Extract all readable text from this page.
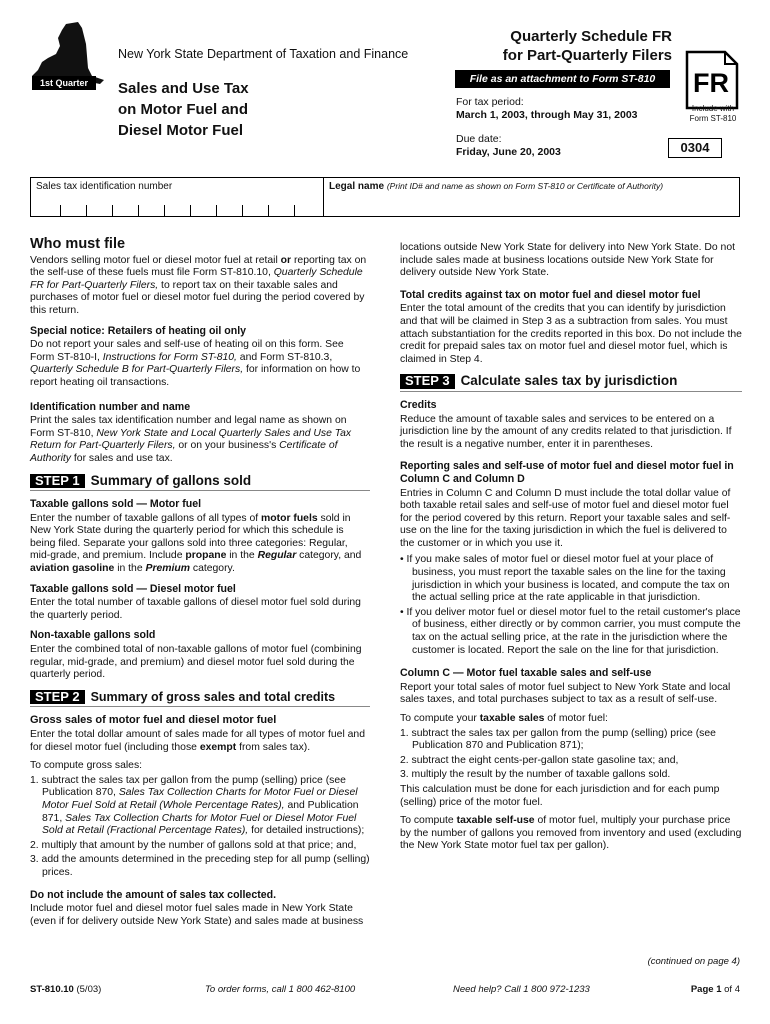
1st Quarter
New York State Department of Taxation and Finance
Sales and Use Tax
on Motor Fuel and
Diesel Motor Fuel
Quarterly Schedule FR
for Part-Quarterly Filers
File as an attachment to Form ST-810
For tax period:
March 1, 2003, through May 31, 2003
Due date:
Friday, June 20, 2003
FR
Include with
Form ST-810
0304
Sales tax identification number	Legal name (Print ID# and name as shown on Form ST-810 or Certificate of Authority)
Who must file

Vendors selling motor fuel or diesel motor fuel at retail or reporting tax on the self-use of these fuels must file Form ST-810.10, Quarterly Schedule FR for Part-Quarterly Filers, to report tax on their taxable sales and purchases of motor fuel or diesel motor fuel during the period covered by this return.

Special notice: Retailers of heating oil only

Do not report your sales and self-use of heating oil on this form. See Form ST-810-I, Instructions for Form ST-810, and Form ST-810.3, Quarterly Schedule B for Part-Quarterly Filers, for information on how to report heating oil transactions.

Identification number and name

Print the sales tax identification number and legal name as shown on Form ST-810, New York State and Local Quarterly Sales and Use Tax Return for Part-Quarterly Filers, or on your business's Certificate of Authority for sales and use tax.

STEP 1 Summary of gallons sold
Taxable gallons sold — Motor fuel

Enter the number of taxable gallons of all types of motor fuels sold in New York State during the quarterly period for which this schedule is being filed. Separate your gallons sold into three categories: Regular, mid-grade, and premium. Include propane in the Regular category, and aviation gasoline in the Premium category.

Taxable gallons sold — Diesel motor fuel

Enter the total number of taxable gallons of diesel motor fuel sold during the quarterly period.

Non-taxable gallons sold

Enter the combined total of non-taxable gallons of motor fuel (combining regular, mid-grade, and premium) and diesel motor fuel sold during the quarterly period.

STEP 2 Summary of gross sales and total credits
Gross sales of motor fuel and diesel motor fuel

Enter the total dollar amount of sales made for all types of motor fuel and for diesel motor fuel (including those exempt from sales tax).

To compute gross sales:

1. subtract the sales tax per gallon from the pump (selling) price (see Publication 870, Sales Tax Collection Charts for Motor Fuel or Diesel Motor Fuel Sold at Retail (Whole Percentage Rates), and Publication 871, Sales Tax Collection Charts for Motor Fuel or Diesel Motor Fuel Sold at Retail (Fractional Percentage Rates), for detailed instructions);
2. multiply that amount by the number of gallons sold at that price; and,
3. add the amounts determined in the preceding step for all pump (selling) prices.
Do not include the amount of sales tax collected.

Include motor fuel and diesel motor fuel sales made in New York State (even if for delivery outside New York State) and sales made at business

locations outside New York State for delivery into New York State. Do not include sales made at business locations outside New York State for delivery outside New York State.

Total credits against tax on motor fuel and diesel motor fuel

Enter the total amount of the credits that you can identify by jurisdiction and that will be claimed in Step 3 as a subtraction from sales. You must attach substantiation for the credits reported in this box. Do not include the credit for prepaid sales tax on motor fuel and diesel motor fuel, which is claimed in Step 4.

STEP 3 Calculate sales tax by jurisdiction
Credits

Reduce the amount of taxable sales and services to be entered on a jurisdiction line by the amount of any credits related to that jurisdiction. If the result is a negative number, enter it in parentheses.

Reporting sales and self-use of motor fuel and diesel motor fuel in Column C and Column D

Entries in Column C and Column D must include the total dollar value of both taxable retail sales and self-use of motor fuel and diesel motor fuel for the period covered by this return. Report your taxable sales and self-use on the line for the taxing jurisdiction in which the fuel is delivered to the customer or in which you use it.

• If you make sales of motor fuel or diesel motor fuel at your place of business, you must report the taxable sales on the line for the taxing jurisdiction in which your business is located, and compute the tax on the actual selling price at the rate applicable in that jurisdiction.
• If you deliver motor fuel or diesel motor fuel to the retail customer's place of business, either directly or by common carrier, you must compute the tax on the actual selling price, at the rate in the jurisdiction where the customer is located. Report the sale on the line for that jurisdiction.
Column C — Motor fuel taxable sales and self-use

Report your total sales of motor fuel subject to New York State and local sales taxes, and total purchases subject to tax as a result of self-use.

To compute your taxable sales of motor fuel:

1. subtract the sales tax per gallon from the pump (selling) price (see Publication 870 and Publication 871);
2. subtract the eight cents-per-gallon state gasoline tax; and,
3. multiply the result by the number of taxable gallons sold.

This calculation must be done for each jurisdiction and for each pump (selling) price of the motor fuel.

To compute taxable self-use of motor fuel, multiply your purchase price by the number of gallons you removed from inventory and used (excluding the New York State motor fuel tax per gallon).

(continued on page 4)
ST-810.10 (5/03)	To order forms, call 1 800 462-8100	Need help? Call 1 800 972-1233	Page 1 of 4
